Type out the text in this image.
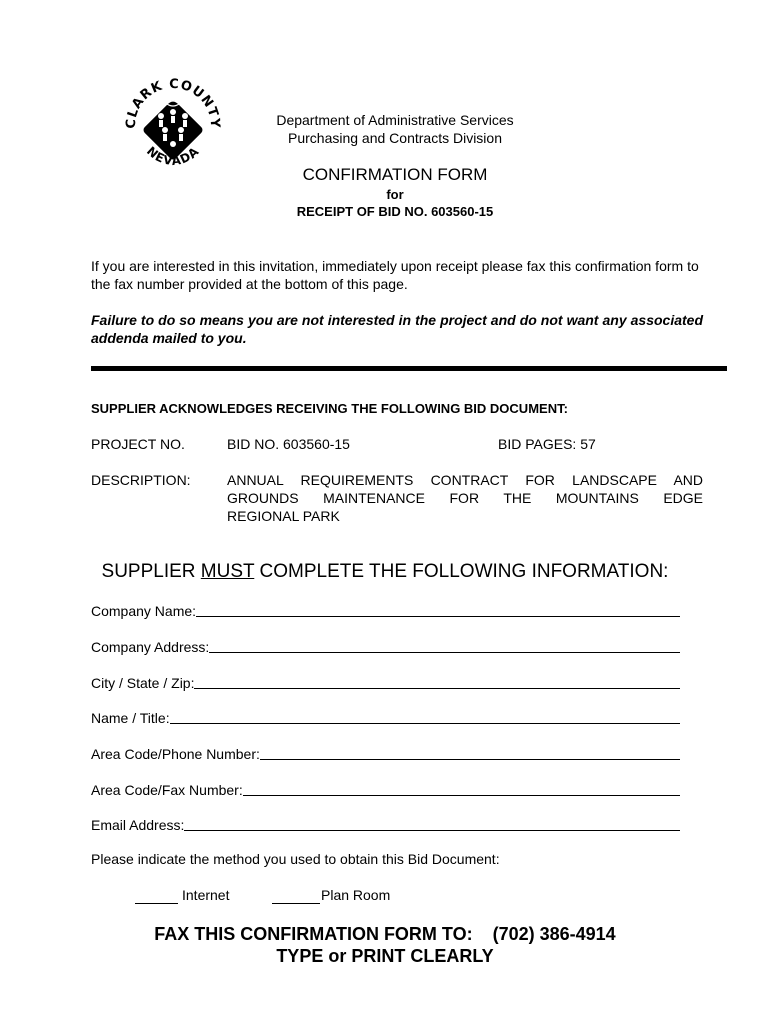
CLARK COUNTY
NEVADA
Department of Administrative Services
Purchasing and Contracts Division
CONFIRMATION FORM
for
RECEIPT OF BID NO. 603560-15
If you are interested in this invitation, immediately upon receipt please fax this confirmation form to the fax number provided at the bottom of this page.
Failure to do so means you are not interested in the project and do not want any associated addenda mailed to you.
SUPPLIER ACKNOWLEDGES RECEIVING THE FOLLOWING BID DOCUMENT:
PROJECT NO.	BID NO. 603560-15	BID PAGES: 57
DESCRIPTION:	ANNUAL REQUIREMENTS CONTRACT FOR LANDSCAPE AND
GROUNDS MAINTENANCE FOR THE MOUNTAINS EDGE
REGIONAL PARK
SUPPLIER MUST COMPLETE THE FOLLOWING INFORMATION:
Company Name:
Company Address:
City / State / Zip:
Name / Title:
Area Code/Phone Number:
Area Code/Fax Number:
Email Address:
Please indicate the method you used to obtain this Bid Document:
Internet	Plan Room
FAX THIS CONFIRMATION FORM TO:    (702) 386-4914
TYPE or PRINT CLEARLY
